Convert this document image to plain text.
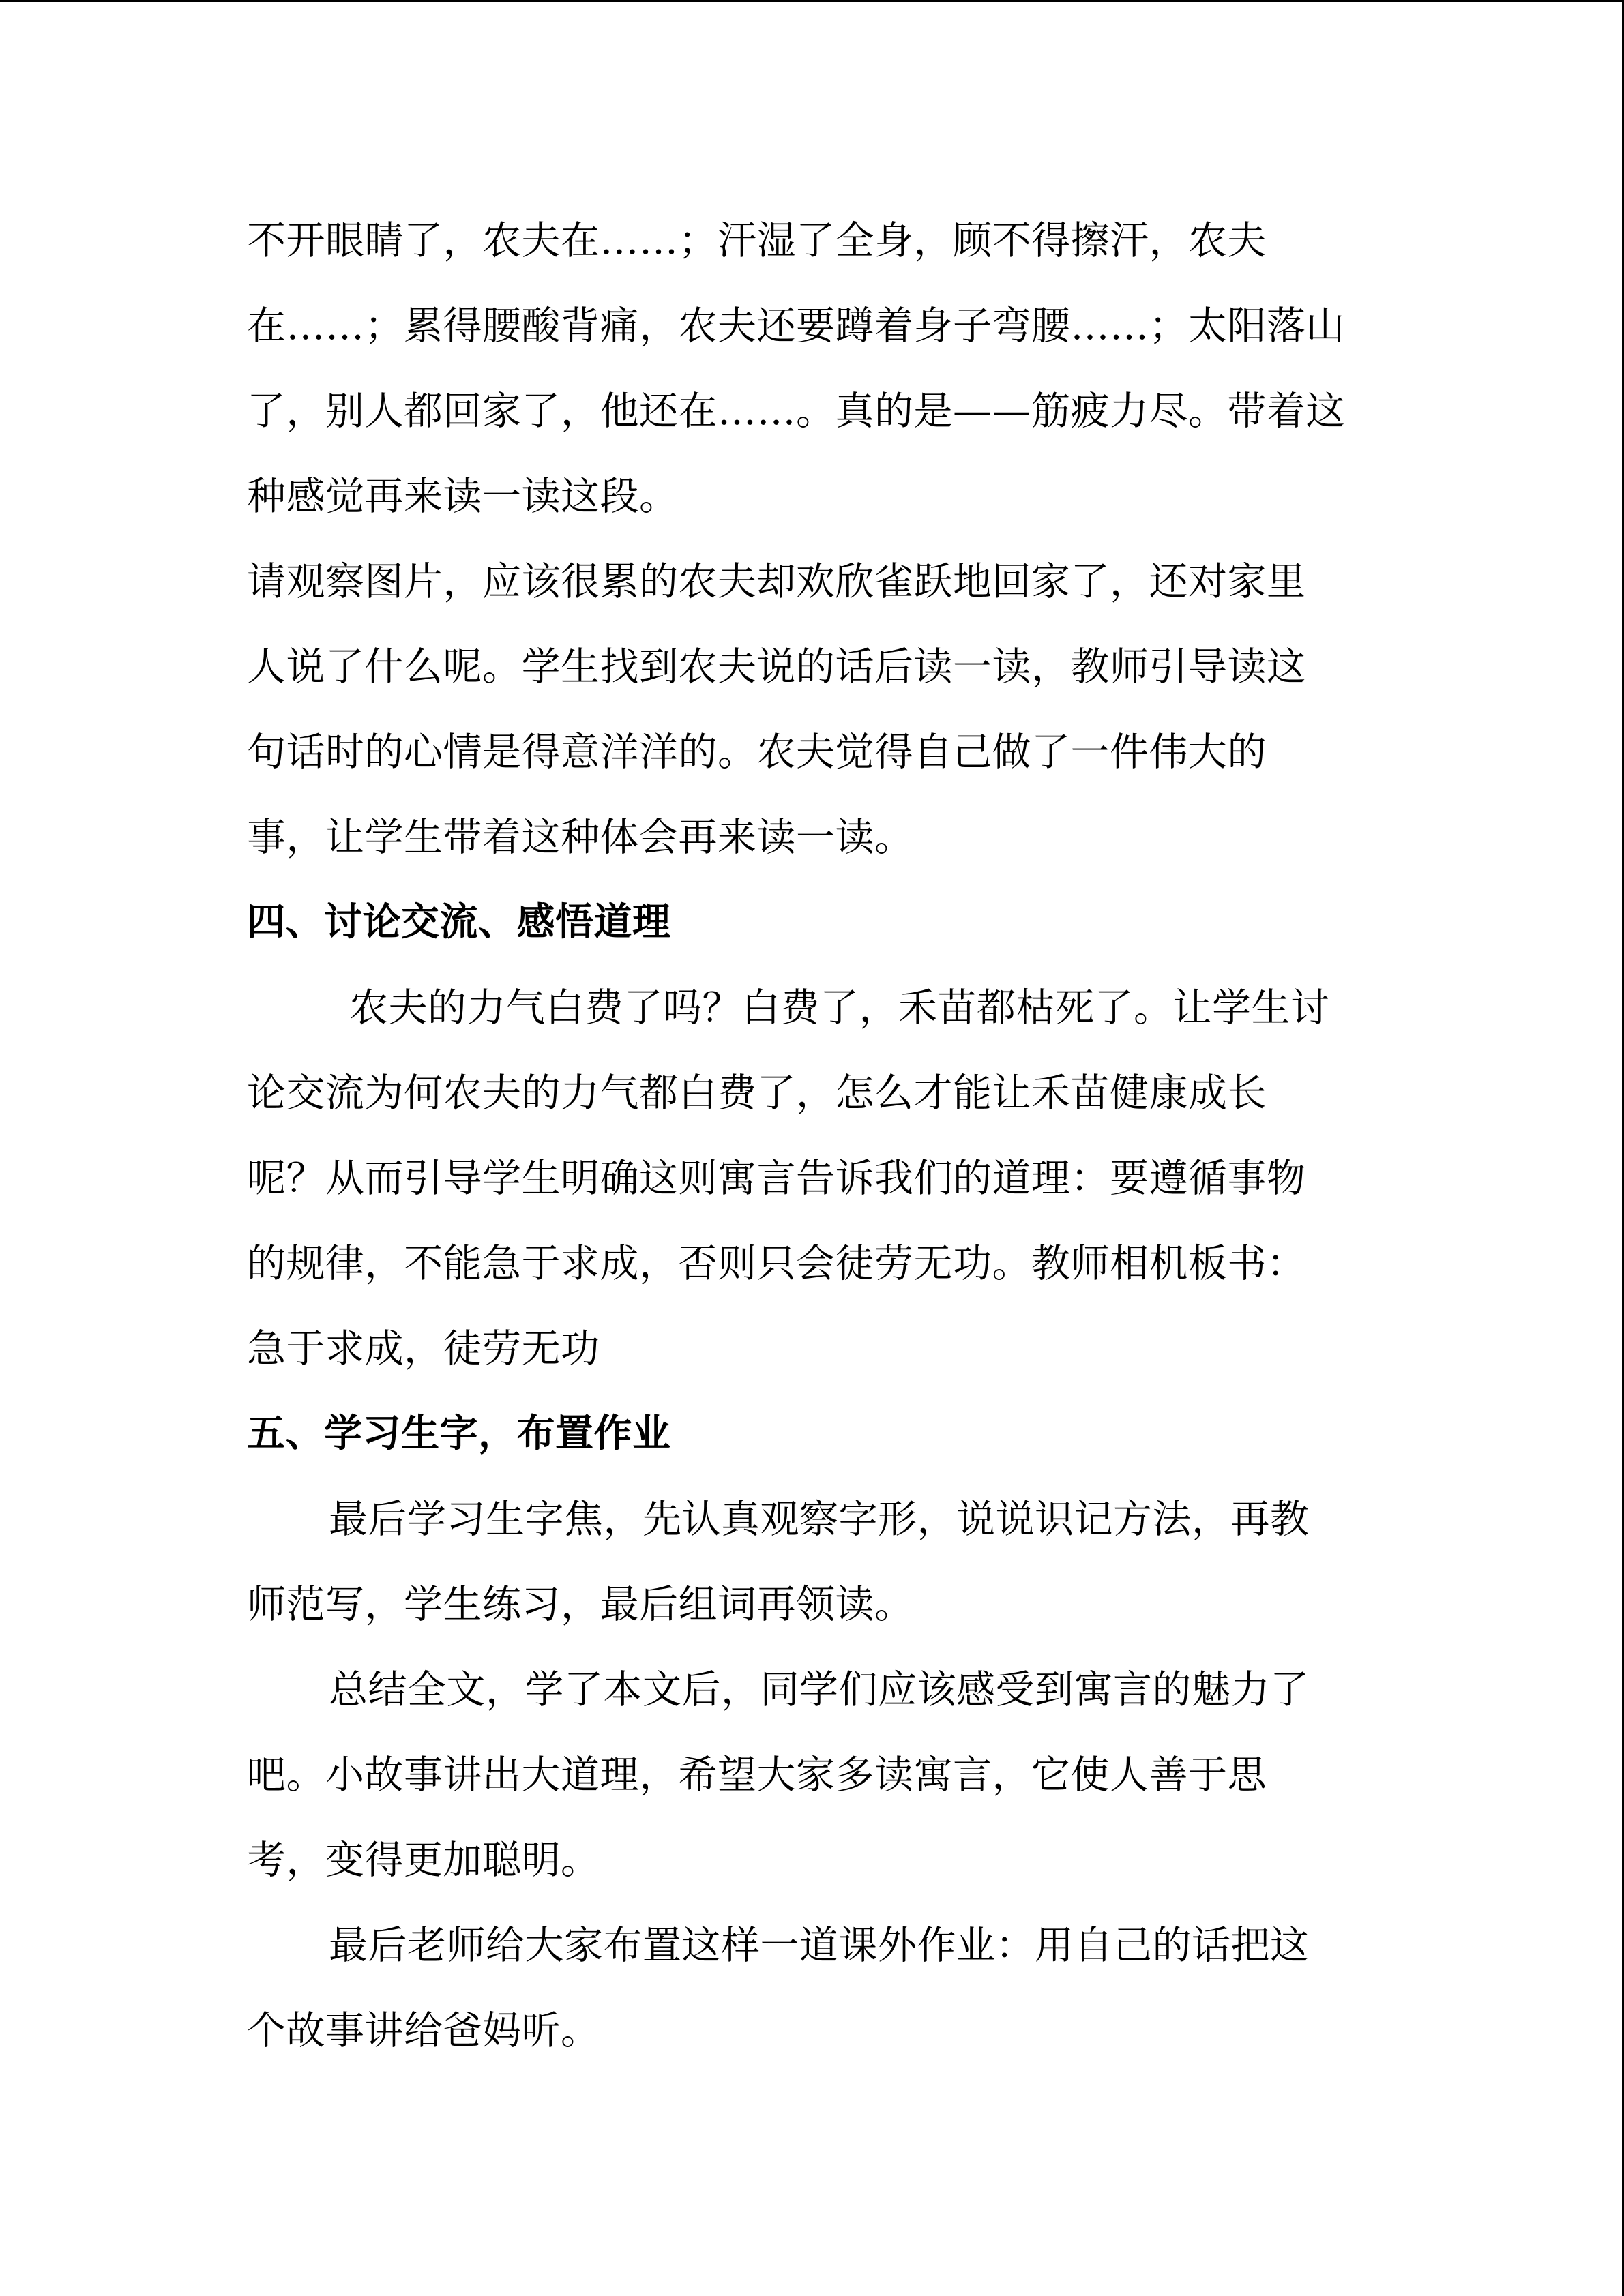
不开眼睛了，农夫在……；汗湿了全身，顾不得擦汗，农夫
在……；累得腰酸背痛，农夫还要蹲着身子弯腰……；太阳落山
了，别人都回家了，他还在……。真的是——筋疲力尽。带着这
种感觉再来读一读这段。
请观察图片，应该很累的农夫却欢欣雀跃地回家了，还对家里
人说了什么呢。学生找到农夫说的话后读一读，教师引导读这
句话时的心情是得意洋洋的。农夫觉得自己做了一件伟大的
事，让学生带着这种体会再来读一读。
四、讨论交流、感悟道理
农夫的力气白费了吗？白费了，禾苗都枯死了。让学生讨
论交流为何农夫的力气都白费了，怎么才能让禾苗健康成长
呢？从而引导学生明确这则寓言告诉我们的道理：要遵循事物
的规律，不能急于求成，否则只会徒劳无功。教师相机板书：
急于求成，徒劳无功
五、学习生字，布置作业
最后学习生字焦，先认真观察字形，说说识记方法，再教
师范写，学生练习，最后组词再领读。
总结全文，学了本文后，同学们应该感受到寓言的魅力了
吧。小故事讲出大道理，希望大家多读寓言，它使人善于思
考，变得更加聪明。
最后老师给大家布置这样一道课外作业：用自己的话把这
个故事讲给爸妈听。
